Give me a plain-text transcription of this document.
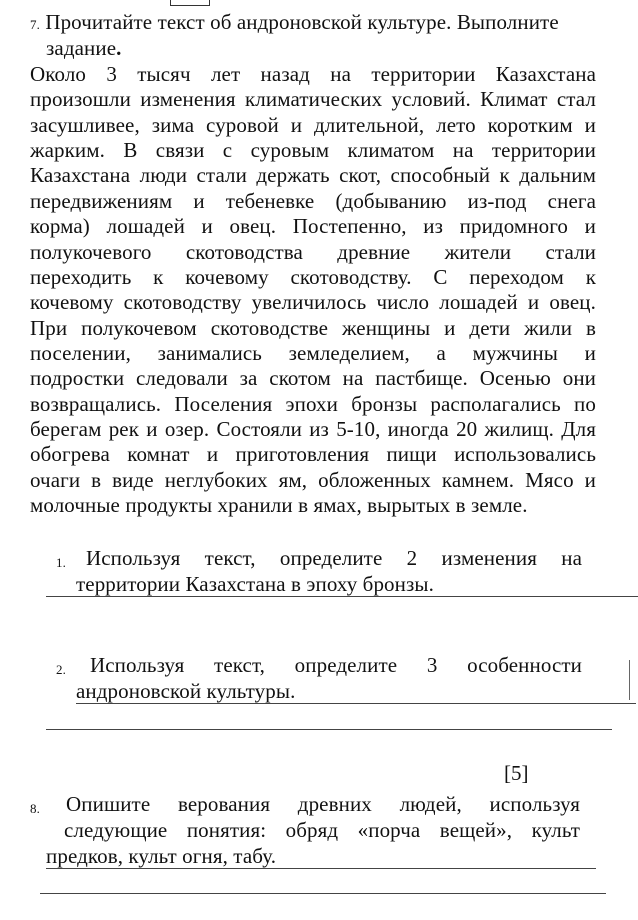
7. Прочитайте текст об андроновской культуре. Выполните
задание.
Около 3 тысяч лет назад на территории Казахстана
произошли изменения климатических условий. Климат стал
засушливее, зима суровой и длительной, лето коротким и
жарким. В связи с суровым климатом на территории
Казахстана люди стали держать скот, способный к дальним
передвижениям и тебеневке (добыванию из-под снега
корма) лошадей и овец. Постепенно, из придомного и
полукочевого скотоводства древние жители стали
переходить к кочевому скотоводству. С переходом к
кочевому скотоводству увеличилось число лошадей и овец.
При полукочевом скотоводстве женщины и дети жили в
поселении, занимались земледелием, а мужчины и
подростки следовали за скотом на пастбище. Осенью они
возвращались. Поселения эпохи бронзы располагались по
берегам рек и озер. Состояли из 5-10, иногда 20 жилищ. Для
обогрева комнат и приготовления пищи использовались
очаги в виде неглубоких ям, обложенных камнем. Мясо и
молочные продукты хранили в ямах, вырытых в земле.
1. Используя текст, определите 2 изменения на
территории Казахстана в эпоху бронзы.
2. Используя текст, определите 3 особенности
андроновской культуры.
[5]
8. Опишите верования древних людей, используя
следующие понятия: обряд «порча вещей», культ
предков, культ огня, табу.
